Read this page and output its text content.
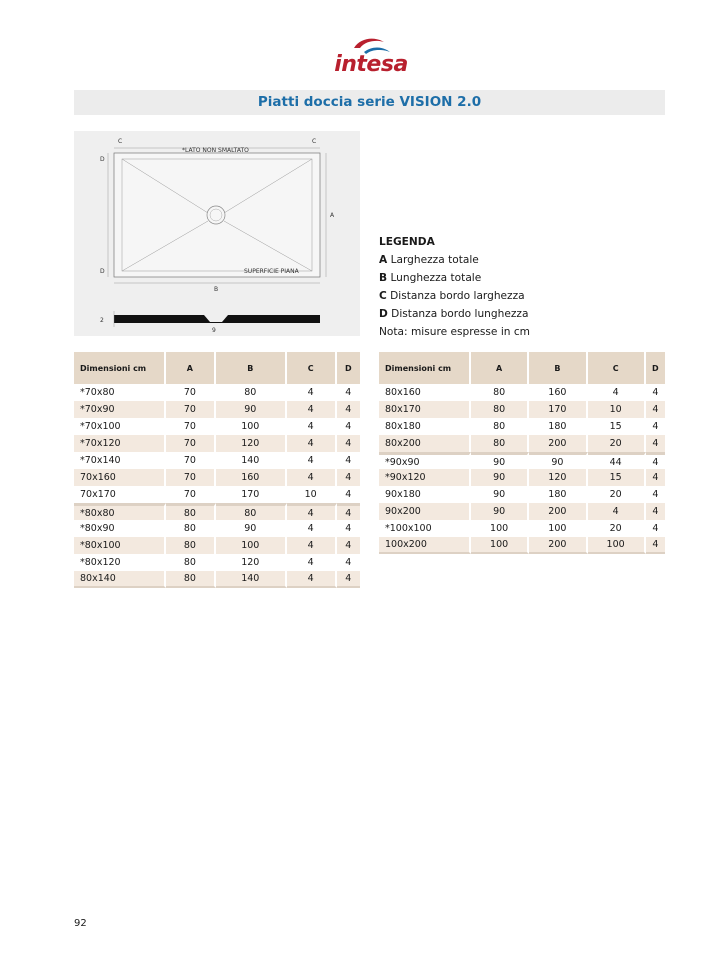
intesa
Piatti doccia serie VISION 2.0
C	C
D
D
A
B
*LATO NON SMALTATO
SUPERFICIE PIANA
2
9
LEGENDA
A Larghezza totale
B Lunghezza totale
C Distanza bordo larghezza
D Distanza bordo lunghezza
Nota: misure espresse in cm
Dimensioni cm	A	B	C	D
*70x80	70	80	4	4
*70x90	70	90	4	4
*70x100	70	100	4	4
*70x120	70	120	4	4
*70x140	70	140	4	4
70x160	70	160	4	4
70x170	70	170	10	4
*80x80	80	80	4	4
*80x90	80	90	4	4
*80x100	80	100	4	4
*80x120	80	120	4	4
80x140	80	140	4	4
Dimensioni cm	A	B	C	D
80x160	80	160	4	4
80x170	80	170	10	4
80x180	80	180	15	4
80x200	80	200	20	4
*90x90	90	90	44	4
*90x120	90	120	15	4
90x180	90	180	20	4
90x200	90	200	4	4
*100x100	100	100	20	4
100x200	100	200	100	4
92
